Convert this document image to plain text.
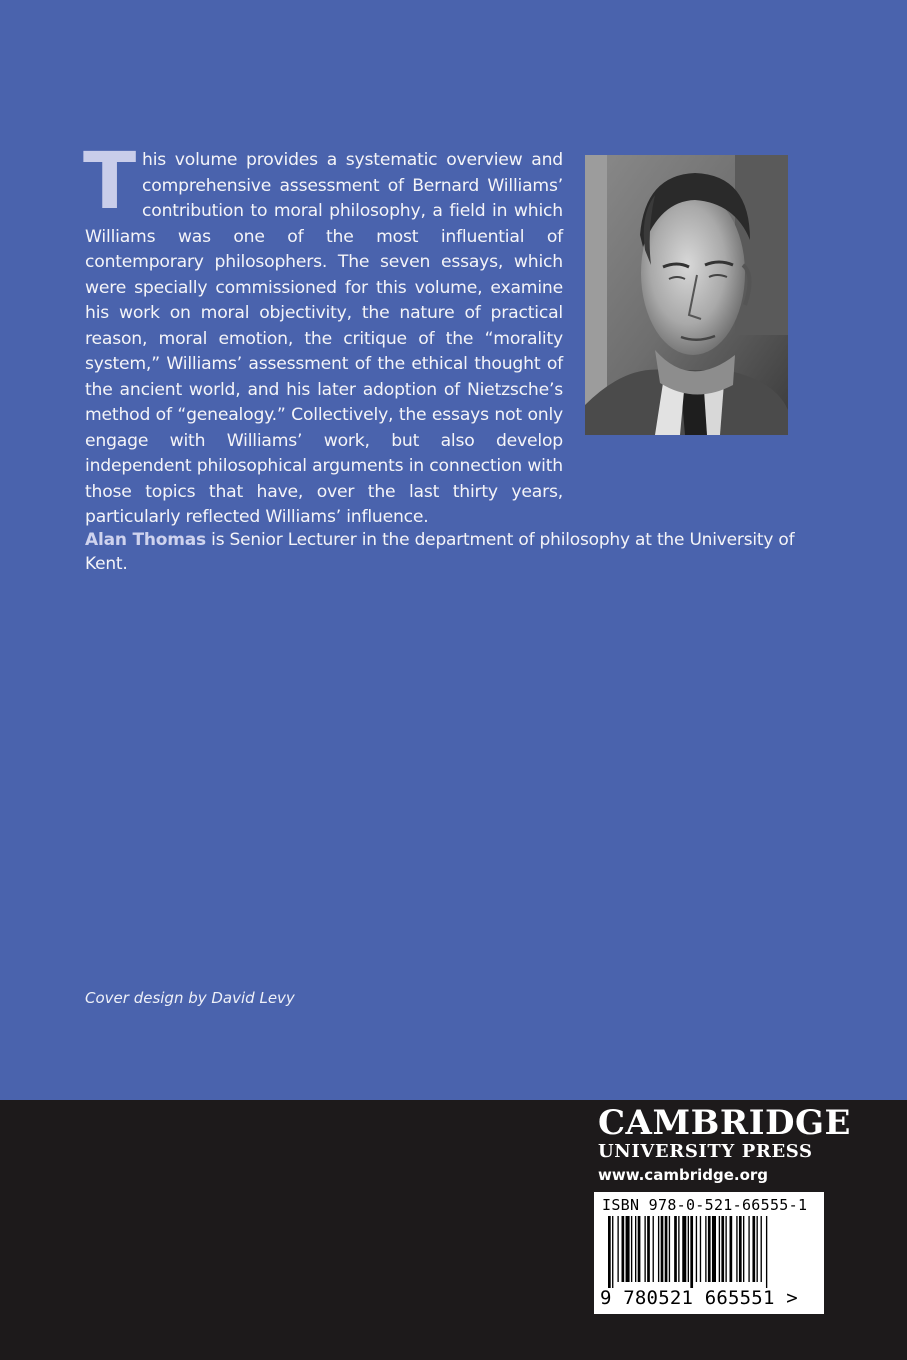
T his volume provides a systematic overview and comprehensive assessment of Bernard Williams’ contribution to moral philosophy, a field in which Williams was one of the most influential of contemporary philosophers. The seven essays, which were specially commissioned for this volume, examine his work on moral objectivity, the nature of practical reason, moral emotion, the critique of the “morality system,” Williams’ assessment of the ethical thought of the ancient world, and his later adoption of Nietzsche’s method of “genealogy.” Collectively, the essays not only engage with Williams’ work, but also develop independent philosophical arguments in connection with those topics that have, over the last thirty years, particularly reflected Williams’ influence.
Alan Thomas is Senior Lecturer in the department of philosophy at the University of Kent.
Cover design by David Levy
CAMBRIDGE
UNIVERSITY PRESS
www.cambridge.org
ISBN 978-0-521-66555-1
9 780521 665551 >
